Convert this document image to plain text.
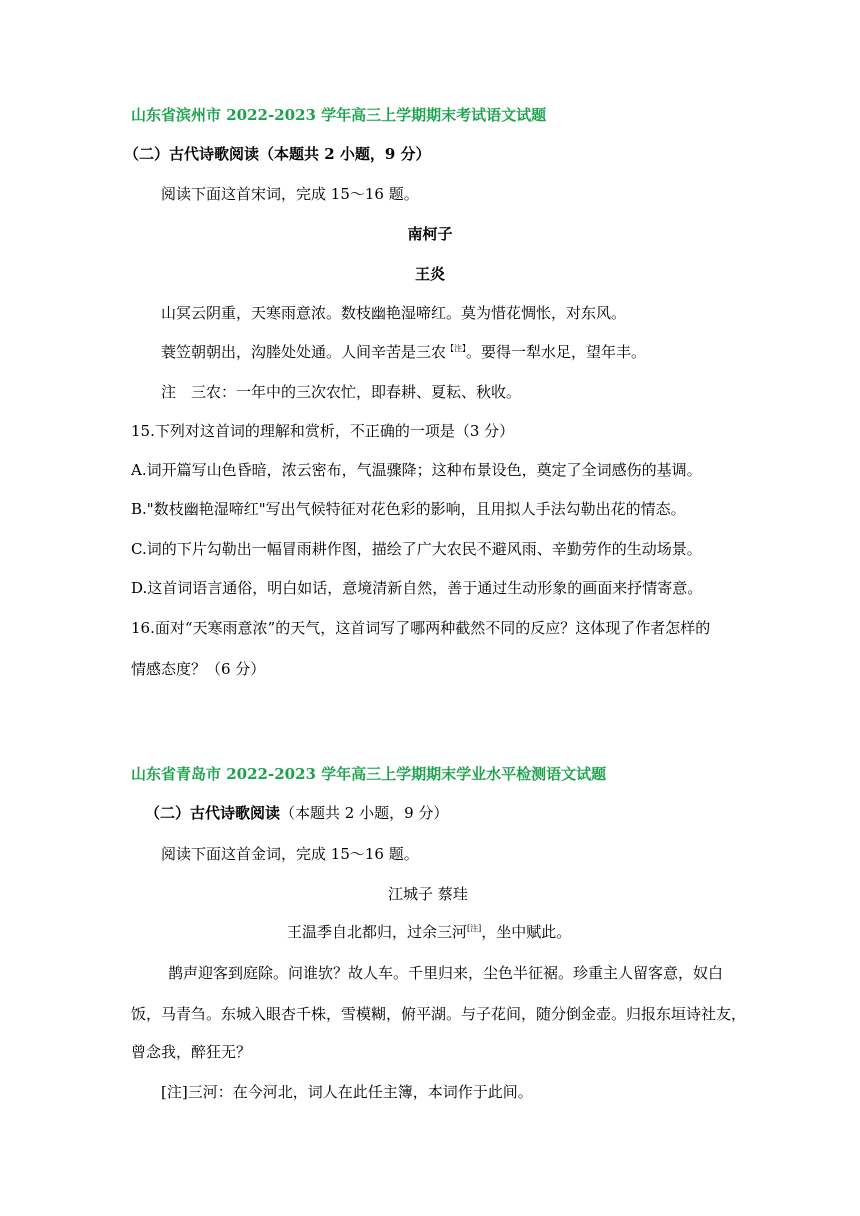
山东省滨州市 2022-2023 学年高三上学期期末考试语文试题
（二）古代诗歌阅读（本题共 2 小题，9 分）
阅读下面这首宋词，完成 15～16 题。
南柯子
王炎
山冥云阴重，天寒雨意浓。数枝幽艳湿啼红。莫为惜花惆怅，对东风。
蓑笠朝朝出，沟塍处处通。人间辛苦是三农$^{【注】}$。要得一犁水足，望年丰。
注　三农：一年中的三次农忙，即春耕、夏耘、秋收。
15.下列对这首词的理解和赏析，不正确的一项是（3 分）
A.词开篇写山色昏暗，浓云密布，气温骤降；这种布景设色，奠定了全词感伤的基调。
B."数枝幽艳湿啼红"写出气候特征对花色彩的影响，且用拟人手法勾勒出花的情态。
C.词的下片勾勒出一幅冒雨耕作图，描绘了广大农民不避风雨、辛勤劳作的生动场景。
D.这首词语言通俗，明白如话，意境清新自然，善于通过生动形象的画面来抒情寄意。
16.面对“天寒雨意浓”的天气，这首词写了哪两种截然不同的反应？这体现了作者怎样的
情感态度？（6 分）
山东省青岛市 2022-2023 学年高三上学期期末学业水平检测语文试题
（二）古代诗歌阅读（本题共 2 小题，9 分）
阅读下面这首金词，完成 15～16 题。
江城子 蔡珪
王温季自北都归，过余三河[注]，坐中赋此。
鹊声迎客到庭除。问谁欤？故人车。千里归来，尘色半征裾。珍重主人留客意，奴白
饭，马青刍。东城入眼杏千株，雪模糊，俯平湖。与子花间，随分倒金壶。归报东垣诗社友，
曾念我，醉狂无？
[注]三河：在今河北，词人在此任主簿，本词作于此间。
